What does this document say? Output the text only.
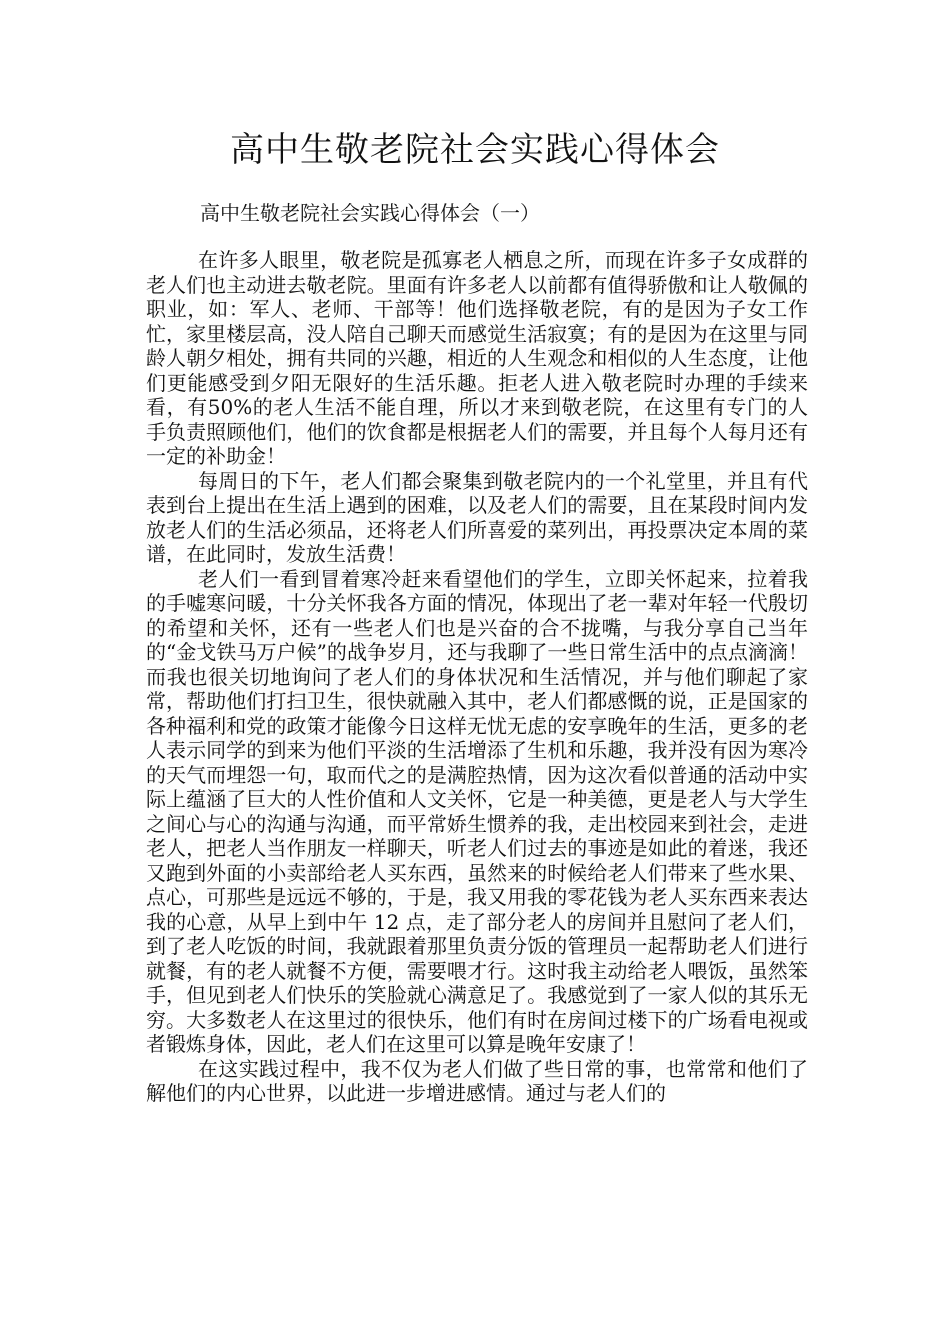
高中生敬老院社会实践心得体会
高中生敬老院社会实践心得体会（一）

在许多人眼里，敬老院是孤寡老人栖息之所，而现在许多子女成群的老人们也主动进去敬老院。里面有许多老人以前都有值得骄傲和让人敬佩的职业，如：军人、老师、干部等！他们选择敬老院，有的是因为子女工作忙，家里楼层高，没人陪自己聊天而感觉生活寂寞；有的是因为在这里与同龄人朝夕相处，拥有共同的兴趣，相近的人生观念和相似的人生态度，让他们更能感受到夕阳无限好的生活乐趣。拒老人进入敬老院时办理的手续来看，有50%的老人生活不能自理，所以才来到敬老院，在这里有专门的人手负责照顾他们，他们的饮食都是根据老人们的需要，并且每个人每月还有一定的补助金！

每周日的下午，老人们都会聚集到敬老院内的一个礼堂里，并且有代表到台上提出在生活上遇到的困难，以及老人们的需要，且在某段时间内发放老人们的生活必须品，还将老人们所喜爱的菜列出，再投票决定本周的菜谱，在此同时，发放生活费！

老人们一看到冒着寒冷赶来看望他们的学生，立即关怀起来，拉着我的手嘘寒问暖，十分关怀我各方面的情况，体现出了老一辈对年轻一代殷切的希望和关怀，还有一些老人们也是兴奋的合不拢嘴，与我分享自己当年的“金戈铁马万户候”的战争岁月，还与我聊了一些日常生活中的点点滴滴！而我也很关切地询问了老人们的身体状况和生活情况，并与他们聊起了家常，帮助他们打扫卫生，很快就融入其中，老人们都感慨的说，正是国家的各种福利和党的政策才能像今日这样无忧无虑的安享晚年的生活，更多的老人表示同学的到来为他们平淡的生活增添了生机和乐趣，我并没有因为寒冷的天气而埋怨一句，取而代之的是满腔热情，因为这次看似普通的活动中实际上蕴涵了巨大的人性价值和人文关怀，它是一种美德，更是老人与大学生之间心与心的沟通与沟通，而平常娇生惯养的我，走出校园来到社会，走进老人，把老人当作朋友一样聊天，听老人们过去的事迹是如此的着迷，我还又跑到外面的小卖部给老人买东西，虽然来的时候给老人们带来了些水果、点心，可那些是远远不够的，于是，我又用我的零花钱为老人买东西来表达我的心意，从早上到中午 12 点，走了部分老人的房间并且慰问了老人们，到了老人吃饭的时间，我就跟着那里负责分饭的管理员一起帮助老人们进行就餐，有的老人就餐不方便，需要喂才行。这时我主动给老人喂饭，虽然笨手，但见到老人们快乐的笑脸就心满意足了。我感觉到了一家人似的其乐无穷。大多数老人在这里过的很快乐，他们有时在房间过楼下的广场看电视或者锻炼身体，因此，老人们在这里可以算是晚年安康了！

在这实践过程中，我不仅为老人们做了些日常的事，也常常和他们了解他们的内心世界，以此进一步增进感情。通过与老人们的
